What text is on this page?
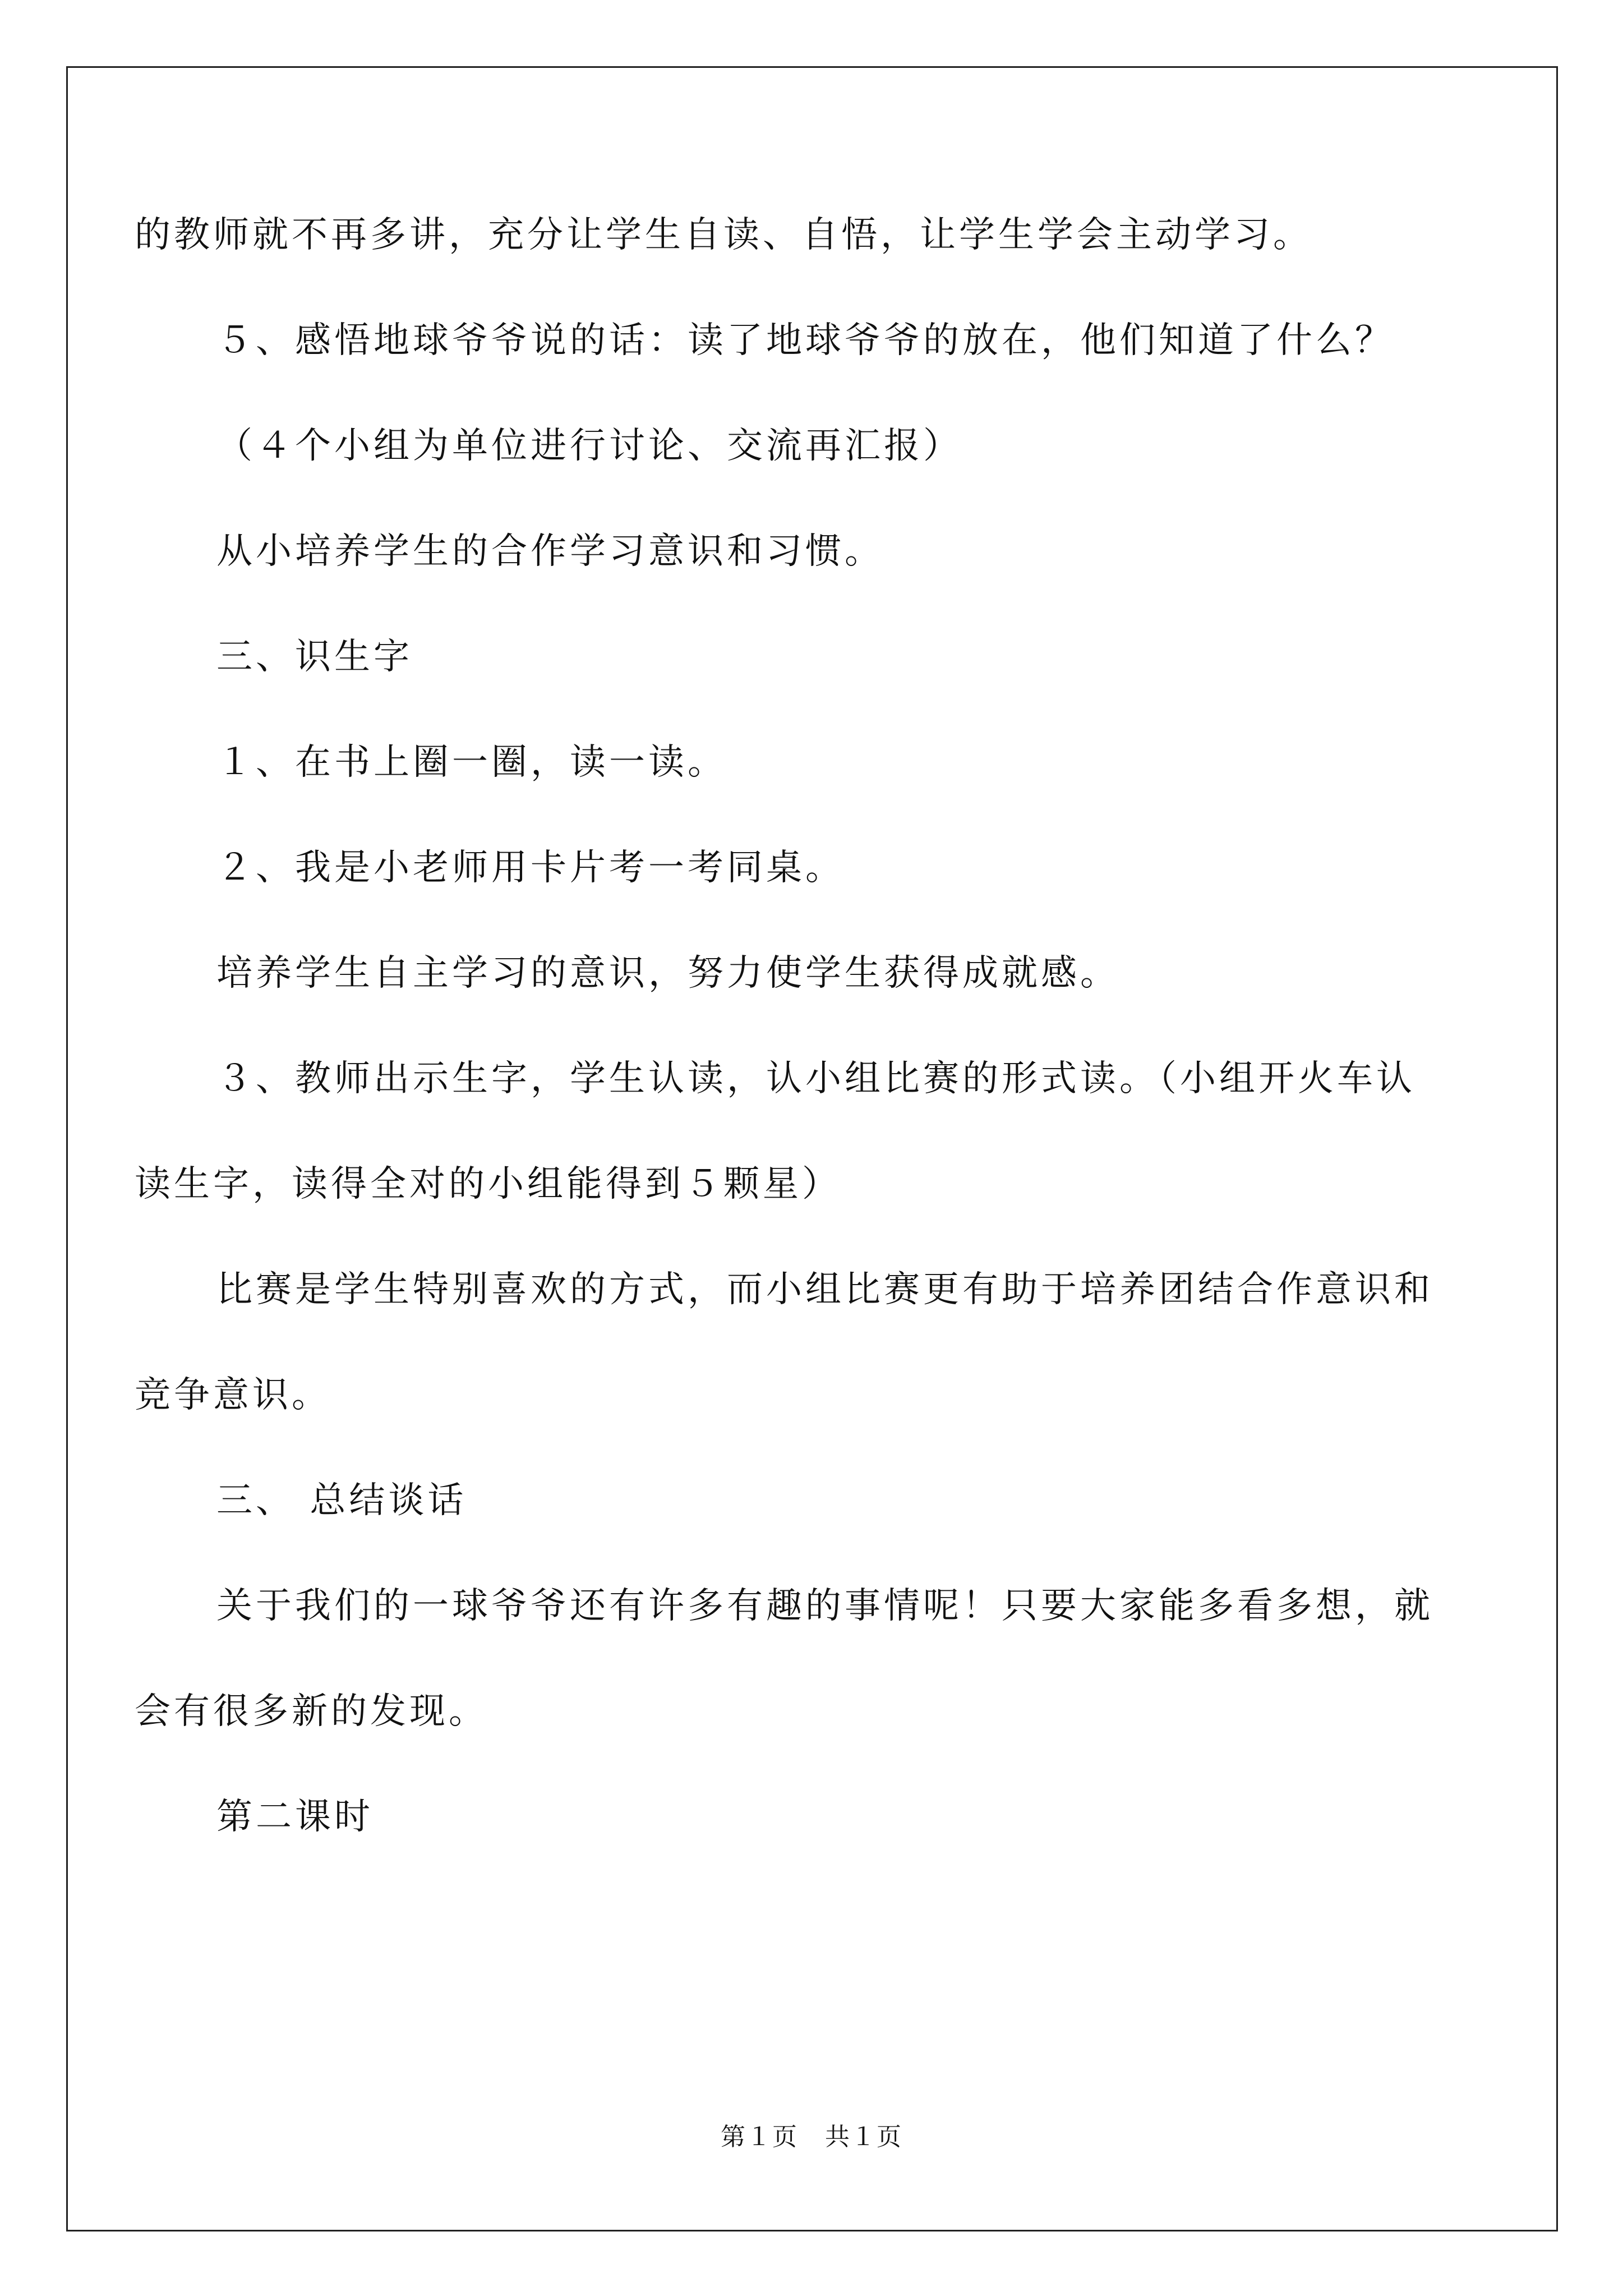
的教师就不再多讲，充分让学生自读、自悟，让学生学会主动学习。

５、感悟地球爷爷说的话：读了地球爷爷的放在，他们知道了什么？

（４个小组为单位进行讨论、交流再汇报）

从小培养学生的合作学习意识和习惯。

三、识生字

１、在书上圈一圈，读一读。

２、我是小老师用卡片考一考同桌。

培养学生自主学习的意识，努力使学生获得成就感。

３、教师出示生字，学生认读，认小组比赛的形式读。（小组开火车认读生字，读得全对的小组能得到５颗星）

比赛是学生特别喜欢的方式，而小组比赛更有助于培养团结合作意识和竞争意识。

三、 总结谈话

关于我们的一球爷爷还有许多有趣的事情呢！只要大家能多看多想，就会有很多新的发现。

第二课时

第１页 共１页
